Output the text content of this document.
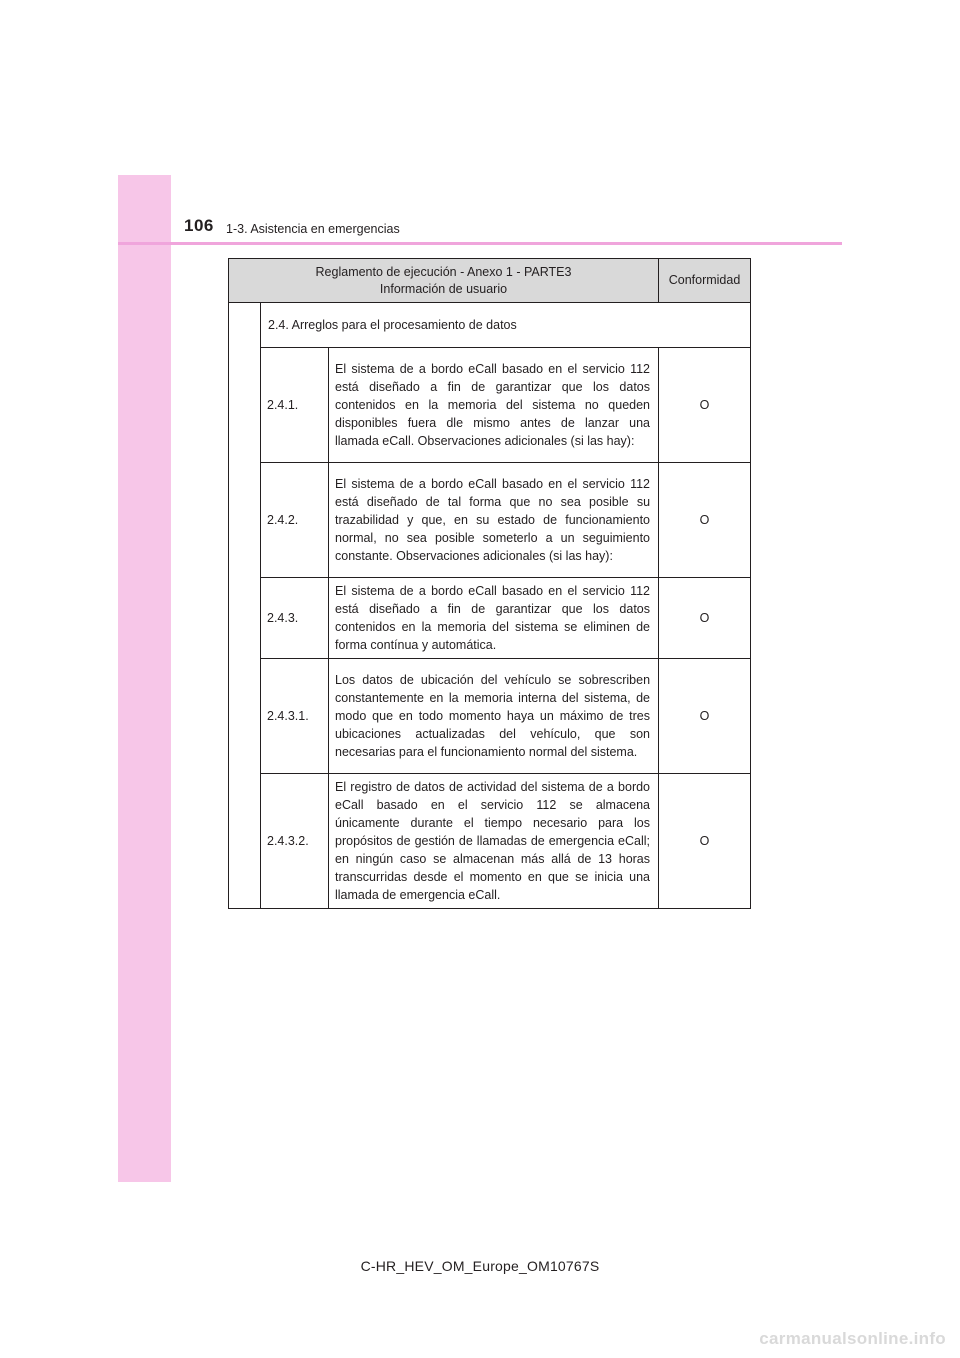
106 1-3. Asistencia en emergencias
Reglamento de ejecución - Anexo 1 - PARTE3
Información de usuario			Conformidad
	2.4. Arreglos para el procesamiento de datos		
	2.4.1.	El sistema de a bordo eCall basado en el servicio 112 está diseñado a fin de garantizar que los datos contenidos en la memoria del sistema no queden disponibles fuera dle mismo antes de lanzar una llamada eCall. Observaciones adicionales (si las hay):	O
	2.4.2.	El sistema de a bordo eCall basado en el servicio 112 está diseñado de tal forma que no sea posible su trazabilidad y que, en su estado de funcionamiento normal, no sea posible someterlo a un seguimiento constante. Observaciones adicionales (si las hay):	O
	2.4.3.	El sistema de a bordo eCall basado en el servicio 112 está diseñado a fin de garantizar que los datos contenidos en la memoria del sistema se eliminen de forma contínua y automática.	O
	2.4.3.1.	Los datos de ubicación del vehículo se sobrescriben constantemente en la memoria interna del sistema, de modo que en todo momento haya un máximo de tres ubicaciones actualizadas del vehículo, que son necesarias para el funcionamiento normal del sistema.	O
	2.4.3.2.	El registro de datos de actividad del sistema de a bordo eCall basado en el servicio 112 se almacena únicamente durante el tiempo necesario para los propósitos de gestión de llamadas de emergencia eCall; en ningún caso se almacenan más allá de 13 horas transcurridas desde el momento en que se inicia una llamada de emergencia eCall.	O
C-HR_HEV_OM_Europe_OM10767S
carmanualsonline.info
